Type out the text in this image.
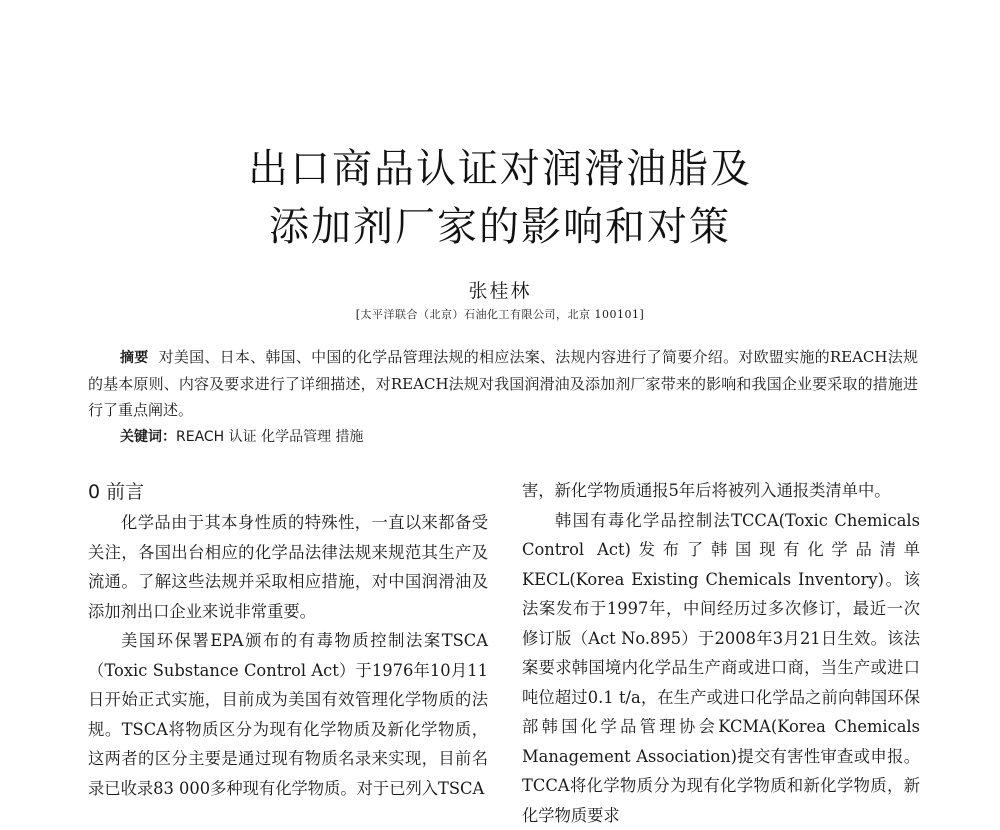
出口商品认证对润滑油脂及
添加剂厂家的影响和对策
张桂林
[太平洋联合（北京）石油化工有限公司，北京 100101]

摘要 对美国、日本、韩国、中国的化学品管理法规的相应法案、法规内容进行了简要介绍。对欧盟实施的REACH法规的基本原则、内容及要求进行了详细描述，对REACH法规对我国润滑油及添加剂厂家带来的影响和我国企业要采取的措施进行了重点阐述。

关键词：REACH 认证 化学品管理 措施

0 前言

化学品由于其本身性质的特殊性，一直以来都备受关注，各国出台相应的化学品法律法规来规范其生产及流通。了解这些法规并采取相应措施，对中国润滑油及添加剂出口企业来说非常重要。

美国环保署EPA颁布的有毒物质控制法案TSCA（Toxic Substance Control Act）于1976年10月11日开始正式实施，目前成为美国有效管理化学物质的法规。TSCA将物质区分为现有化学物质及新化学物质，这两者的区分主要是通过现有物质名录来实现，目前名录已收录83 000多种现有化学物质。对于已列入TSCA

害，新化学物质通报5年后将被列入通报类清单中。

韩国有毒化学品控制法TCCA(Toxic Chemicals Control Act)发布了韩国现有化学品清单KECL(Korea Existing Chemicals Inventory)。该法案发布于1997年，中间经历过多次修订，最近一次修订版（Act No.895）于2008年3月21日生效。该法案要求韩国境内化学品生产商或进口商，当生产或进口吨位超过0.1 t/a，在生产或进口化学品之前向韩国环保部韩国化学品管理协会KCMA(Korea Chemicals Management Association)提交有害性审查或申报。 TCCA将化学物质分为现有化学物质和新化学物质，新化学物质要求
